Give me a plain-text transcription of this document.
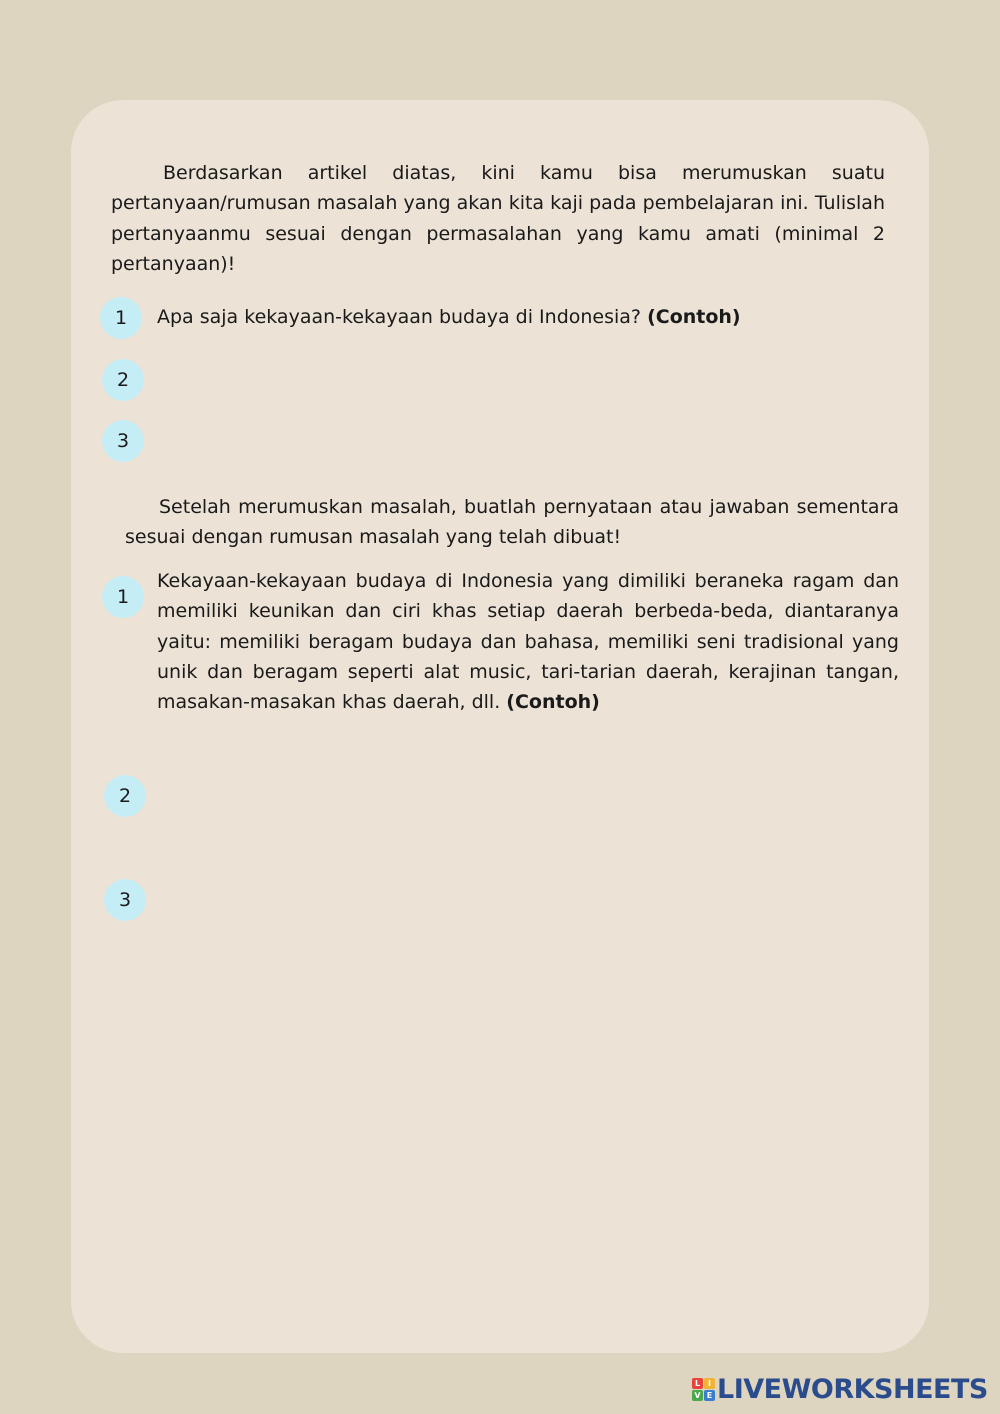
Berdasarkan artikel diatas, kini kamu bisa merumuskan suatu pertanyaan/rumusan masalah yang akan kita kaji pada pembelajaran ini. Tulislah pertanyaanmu sesuai dengan permasalahan yang kamu amati (minimal 2 pertanyaan)!

1	Apa saja kekayaan-kekayaan budaya di Indonesia? (Contoh)

2
3

Setelah merumuskan masalah, buatlah pernyataan atau jawaban sementara sesuai dengan rumusan masalah yang telah dibuat!

1

Kekayaan-kekayaan budaya di Indonesia yang dimiliki beraneka ragam dan memiliki keunikan dan ciri khas setiap daerah berbeda-beda, diantaranya yaitu: memiliki beragam budaya dan bahasa, memiliki seni tradisional yang unik dan beragam seperti alat music, tari-tarian daerah, kerajinan tangan, masakan-masakan khas daerah, dll. (Contoh)

2
3
L I
V E LIVEWORKSHEETS
